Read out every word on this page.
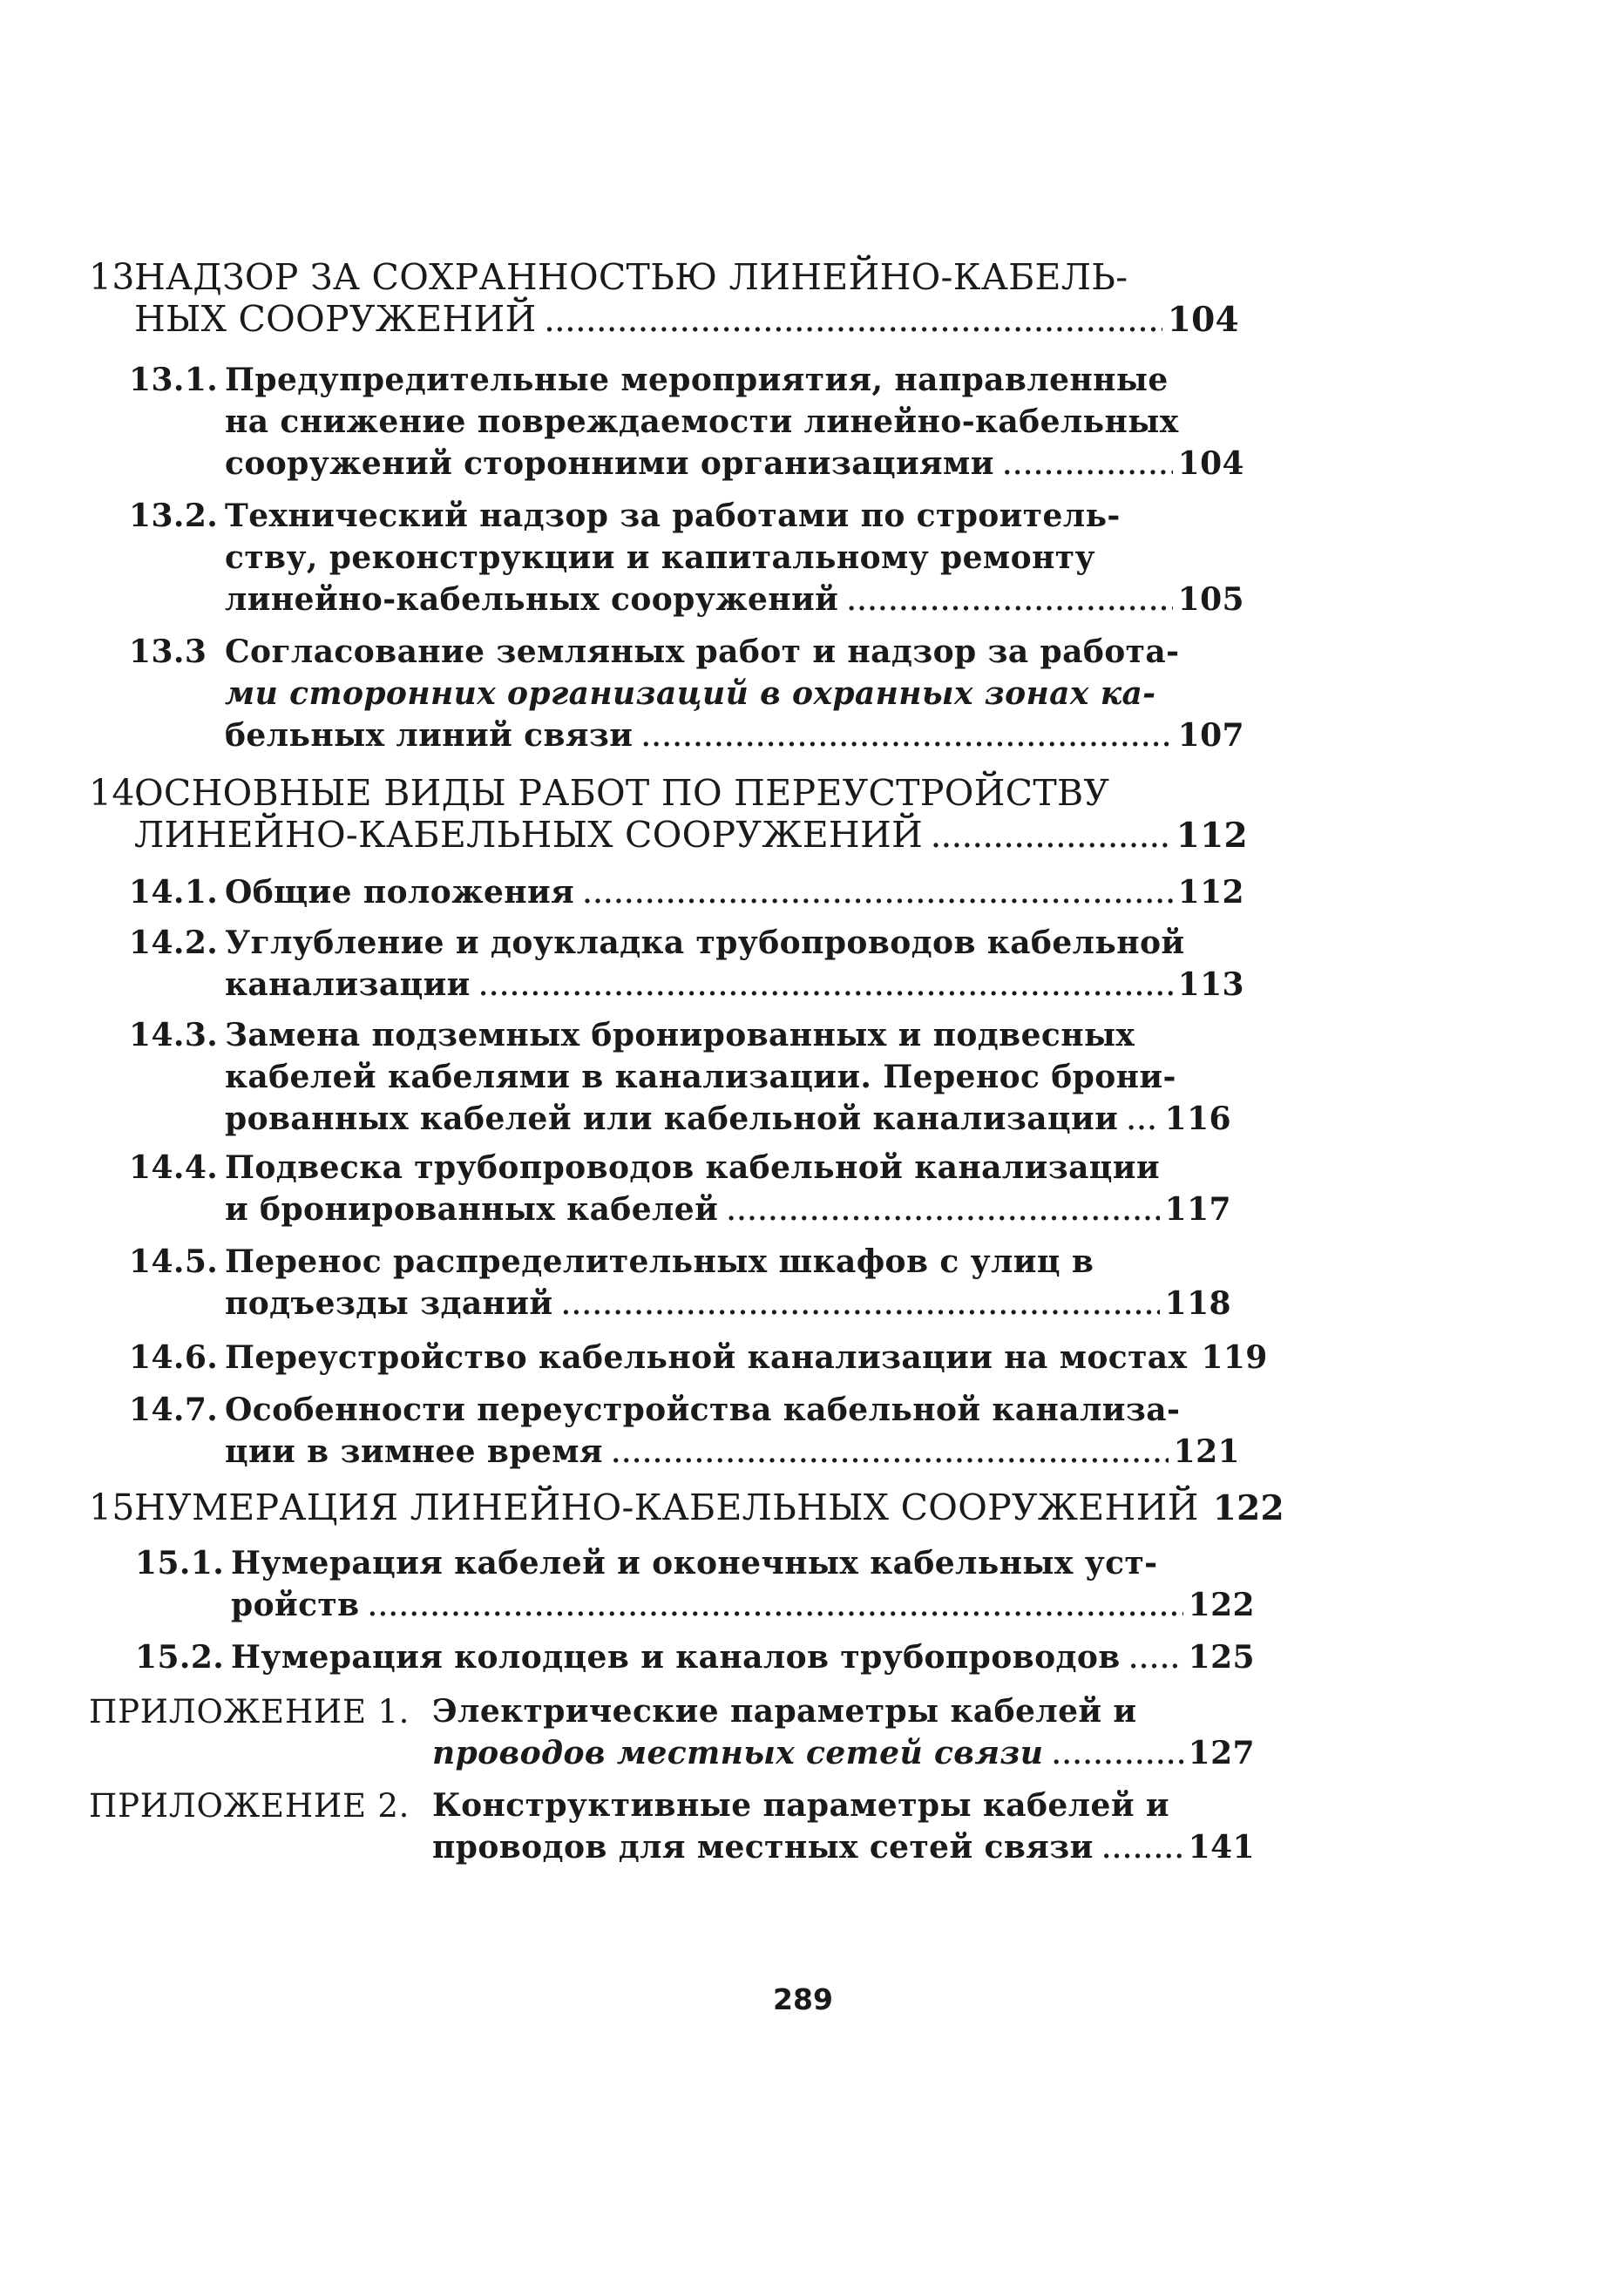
13.
НАДЗОР ЗА СОХРАННОСТЬЮ ЛИНЕЙНО-КАБЕЛЬ-
НЫХ СООРУЖЕНИЙ .....	104
13.1. Предупредительные мероприятия, направленные
на снижение повреждаемости линейно-кабельных
сооружений сторонними организациями .....	104
13.2. Технический надзор за работами по строитель-
ству, реконструкции и капитальному ремонту
линейно-кабельных сооружений .....	105
13.3 Согласование земляных работ и надзор за работа-
ми сторонних организаций в охранных зонах ка-
бельных линий связи .....	107
14.
ОСНОВНЫЕ ВИДЫ РАБОТ ПО ПЕРЕУСТРОЙСТВУ
ЛИНЕЙНО-КАБЕЛЬНЫХ СООРУЖЕНИЙ .....	112
14.1. Общие положения .....	112
14.2. Углубление и доукладка трубопроводов кабельной
канализации .....	113
14.3. Замена подземных бронированных и подвесных
кабелей кабелями в канализации. Перенос брони-
рованных кабелей или кабельной канализации ..... 116
14.4. Подвеска трубопроводов кабельной канализации
и бронированных кабелей .....	117
14.5. Перенос распределительных шкафов с улиц в
подъезды зданий .....	118
14.6. Переустройство кабельной канализации на мостах 119
14.7. Особенности переустройства кабельной канализа-
ции в зимнее время .....	121
15.
НУМЕРАЦИЯ ЛИНЕЙНО-КАБЕЛЬНЫХ СООРУЖЕНИЙ 122
15.1. Нумерация кабелей и оконечных кабельных уст-
ройств .....	122
15.2. Нумерация колодцев и каналов трубопроводов ..... 125
ПРИЛОЖЕНИЕ 1. Электрические параметры кабелей и
проводов местных сетей связи .....	127
ПРИЛОЖЕНИЕ 2. Конструктивные параметры кабелей и
проводов для местных сетей связи .....	141
289
